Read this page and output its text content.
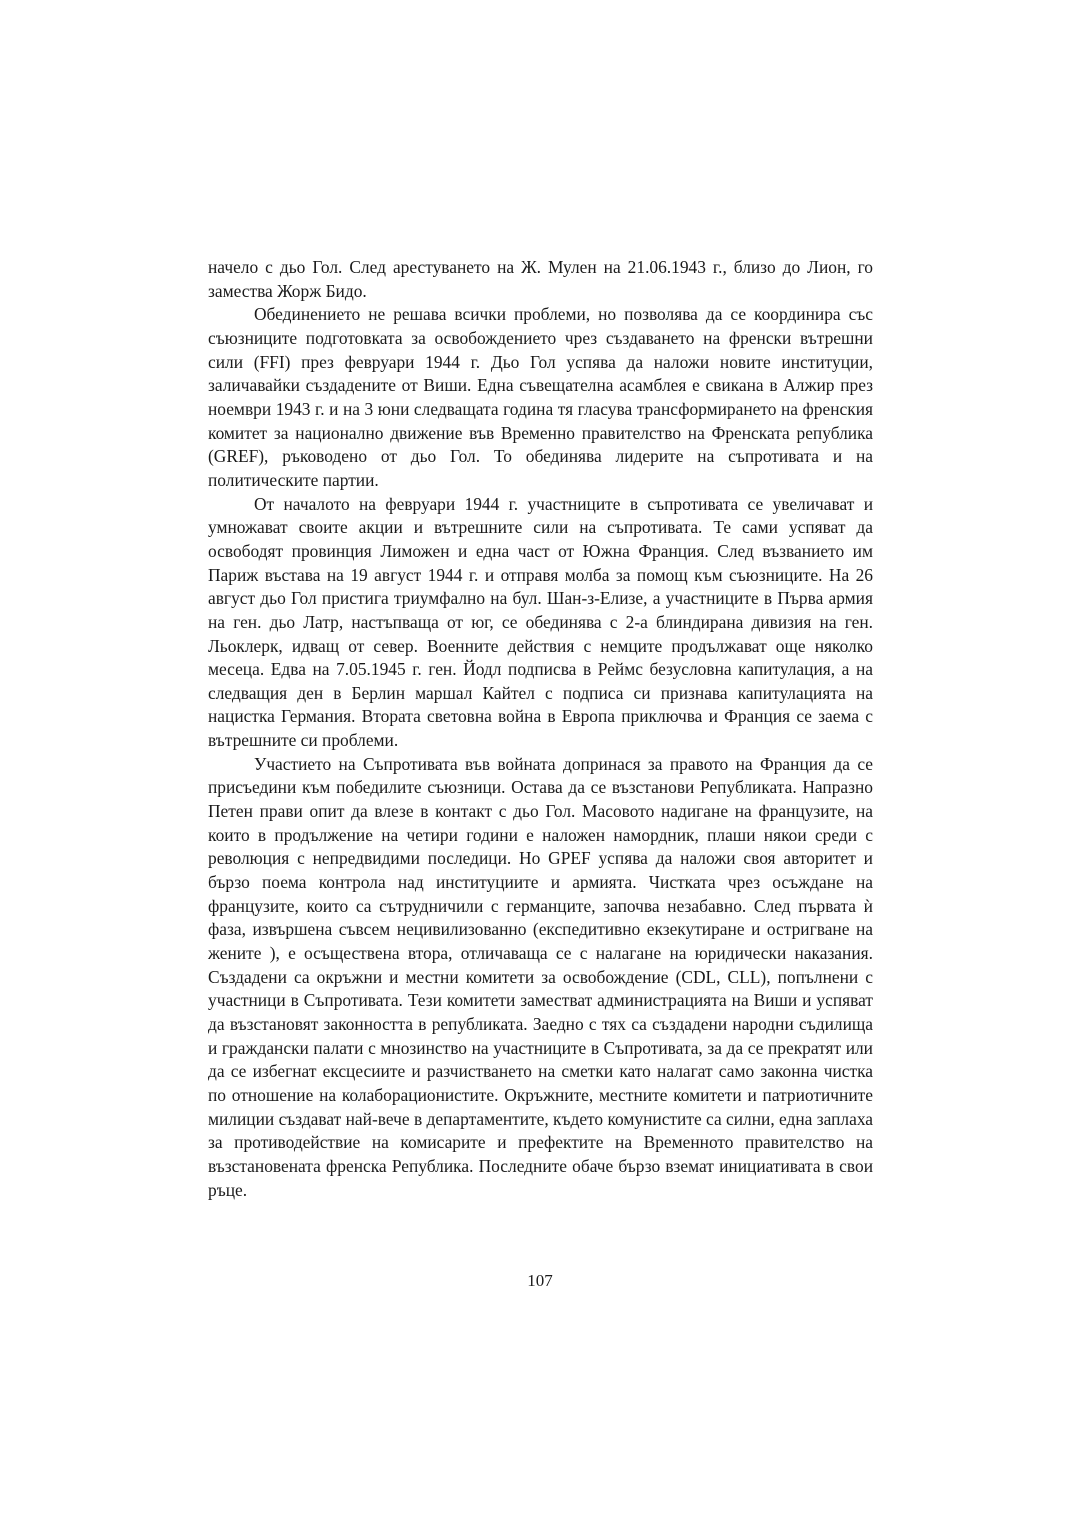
начело с дьо Гол. След арестуването на Ж. Мулен на 21.06.1943 г., близо до Лион, го замества Жорж Бидо.

Обединението не решава всички проблеми, но позволява да се координира със съюзниците подготовката за освобождението чрез създаването на френски вътрешни сили (FFI) през февруари 1944 г. Дьо Гол успява да наложи новите институции, заличавайки създадените от Виши. Една съвещателна асамблея е свикана в Алжир през ноември 1943 г. и на 3 юни следващата година тя гласува трансформирането на френския комитет за национално движение във Временно правителство на Френската република (GREF), ръководено от дьо Гол. То обединява лидерите на съпротивата и на политическите партии.

От началото на февруари 1944 г. участниците в съпротивата се увеличават и умножават своите акции и вътрешните сили на съпротивата. Те сами успяват да освободят провинция Лиможен и една част от Южна Франция. След възванието им Париж въстава на 19 август 1944 г. и отправя молба за помощ към съюзниците. На 26 август дьо Гол пристига триумфално на бул. Шан-з-Елизе, а участниците в Първа армия на ген. дьо Латр, настъпваща от юг, се обединява с 2-а блиндирана дивизия на ген. Льоклерк, идващ от север. Военните действия с немците продължават още няколко месеца. Едва на 7.05.1945 г. ген. Йодл подписва в Реймс безусловна капитулация, а на следващия ден в Берлин маршал Кайтел с подписа си признава капитулацията на нацистка Германия. Втората световна война в Европа приключва и Франция се заема с вътрешните си проблеми.

Участието на Съпротивата във войната допринася за правото на Франция да се присъедини към победилите съюзници. Остава да се възстанови Републиката. Напразно Петен прави опит да влезе в контакт с дьо Гол. Масовото надигане на французите, на които в продължение на четири години е наложен намордник, плаши някои среди с революция с непредвидими последици. Но GPEF успява да наложи своя авторитет и бързо поема контрола над институциите и армията. Чистката чрез осъждане на французите, които са сътрудничили с германците, започва незабавно. След първата ѝ фаза, извършена съвсем нецивилизованно (експедитивно екзекутиране и остригване на жените ), е осъществена втора, отличаваща се с налагане на юридически наказания. Създадени са окръжни и местни комитети за освобождение (CDL, CLL), попълнени с участници в Съпротивата. Тези комитети заместват администрацията на Виши и успяват да възстановят законността в републиката. Заедно с тях са създадени народни съдилища и граждански палати с мнозинство на участниците в Съпротивата, за да се прекратят или да се избегнат ексцесиите и разчистването на сметки като налагат само законна чистка по отношение на колаборационистите. Окръжните, местните комитети и патриотичните милиции създават най-вече в департаментите, където комунистите са силни, една заплаха за противодействие на комисарите и префектите на Временното правителство на възстановената френска Република. Последните обаче бързо вземат инициативата в свои ръце.

107
